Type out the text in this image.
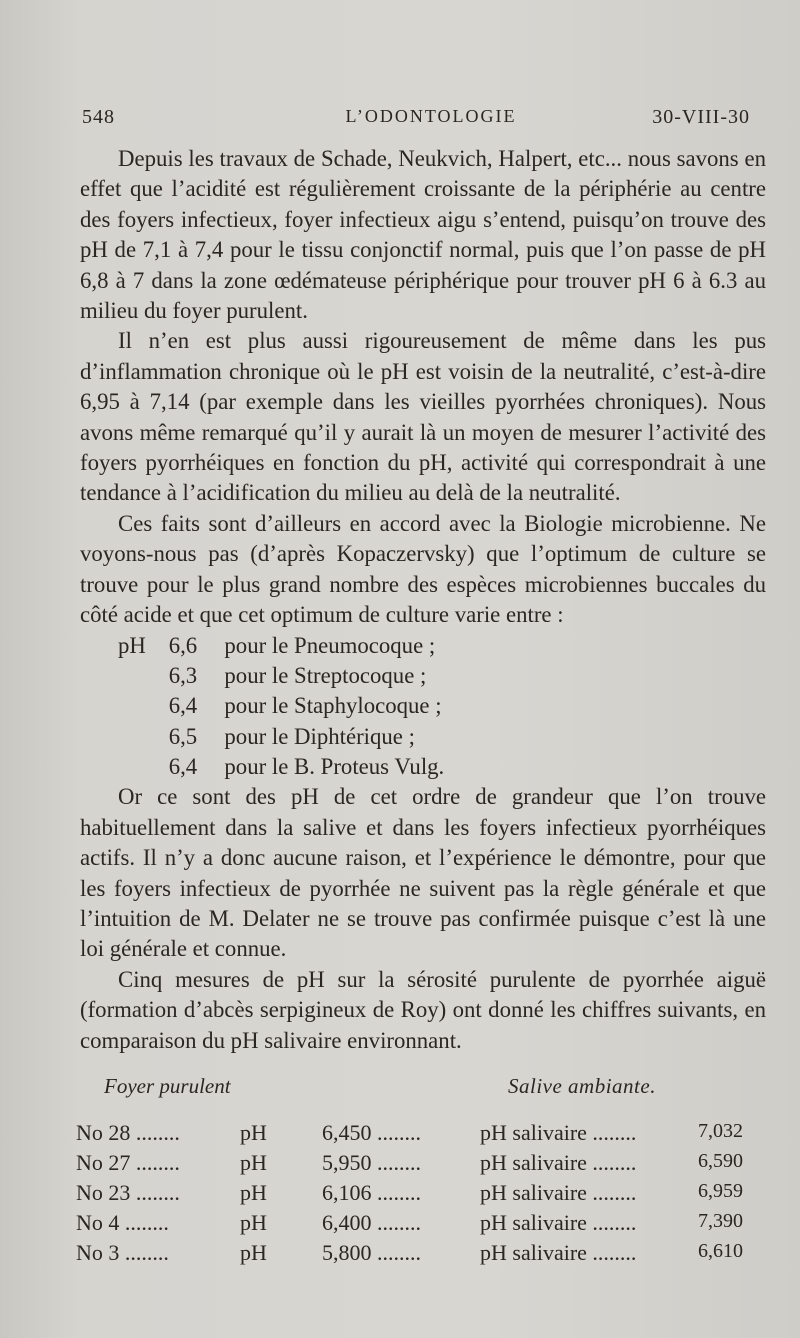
548	L’ODONTOLOGIE	30-VIII-30

Depuis les travaux de Schade, Neukvich, Halpert, etc... nous savons en effet que l’acidité est régulièrement croissante de la périphérie au centre des foyers infectieux, foyer infectieux aigu s’entend, puisqu’on trouve des pH de 7,1 à 7,4 pour le tissu conjonctif normal, puis que l’on passe de pH 6,8 à 7 dans la zone œdémateuse périphérique pour trouver pH 6 à 6.3 au milieu du foyer purulent.

Il n’en est plus aussi rigoureusement de même dans les pus d’inflammation chronique où le pH est voisin de la neutralité, c’est-à-dire 6,95 à 7,14 (par exemple dans les vieilles pyorrhées chroniques). Nous avons même remarqué qu’il y aurait là un moyen de mesurer l’activité des foyers pyorrhéiques en fonction du pH, activité qui correspondrait à une tendance à l’acidification du milieu au delà de la neutralité.

Ces faits sont d’ailleurs en accord avec la Biologie microbienne. Ne voyons-nous pas (d’après Kopaczervsky) que l’optimum de culture se trouve pour le plus grand nombre des espèces microbiennes buccales du côté acide et que cet optimum de culture varie entre :

pH 6,6 pour le Pneumocoque ;
6,3 pour le Streptocoque ;
6,4 pour le Staphylocoque ;
6,5 pour le Diphtérique ;
6,4 pour le B. Proteus Vulg.

Or ce sont des pH de cet ordre de grandeur que l’on trouve habituellement dans la salive et dans les foyers infectieux pyorrhéiques actifs. Il n’y a donc aucune raison, et l’expérience le démontre, pour que les foyers infectieux de pyorrhée ne suivent pas la règle générale et que l’intuition de M. Delater ne se trouve pas confirmée puisque c’est là une loi générale et connue.

Cinq mesures de pH sur la sérosité purulente de pyorrhée aiguë (formation d’abcès serpigineux de Roy) ont donné les chiffres suivants, en comparaison du pH salivaire environnant.

Foyer purulent	Salive ambiante.
No 28 ........	pH	6,450 ........	pH salivaire ........	7,032
No 27 ........	pH	5,950 ........	pH salivaire ........	6,590
No 23 ........	pH	6,106 ........	pH salivaire ........	6,959
No 4 ........	pH	6,400 ........	pH salivaire ........	7,390
No 3 ........	pH	5,800 ........	pH salivaire ........	6,610
